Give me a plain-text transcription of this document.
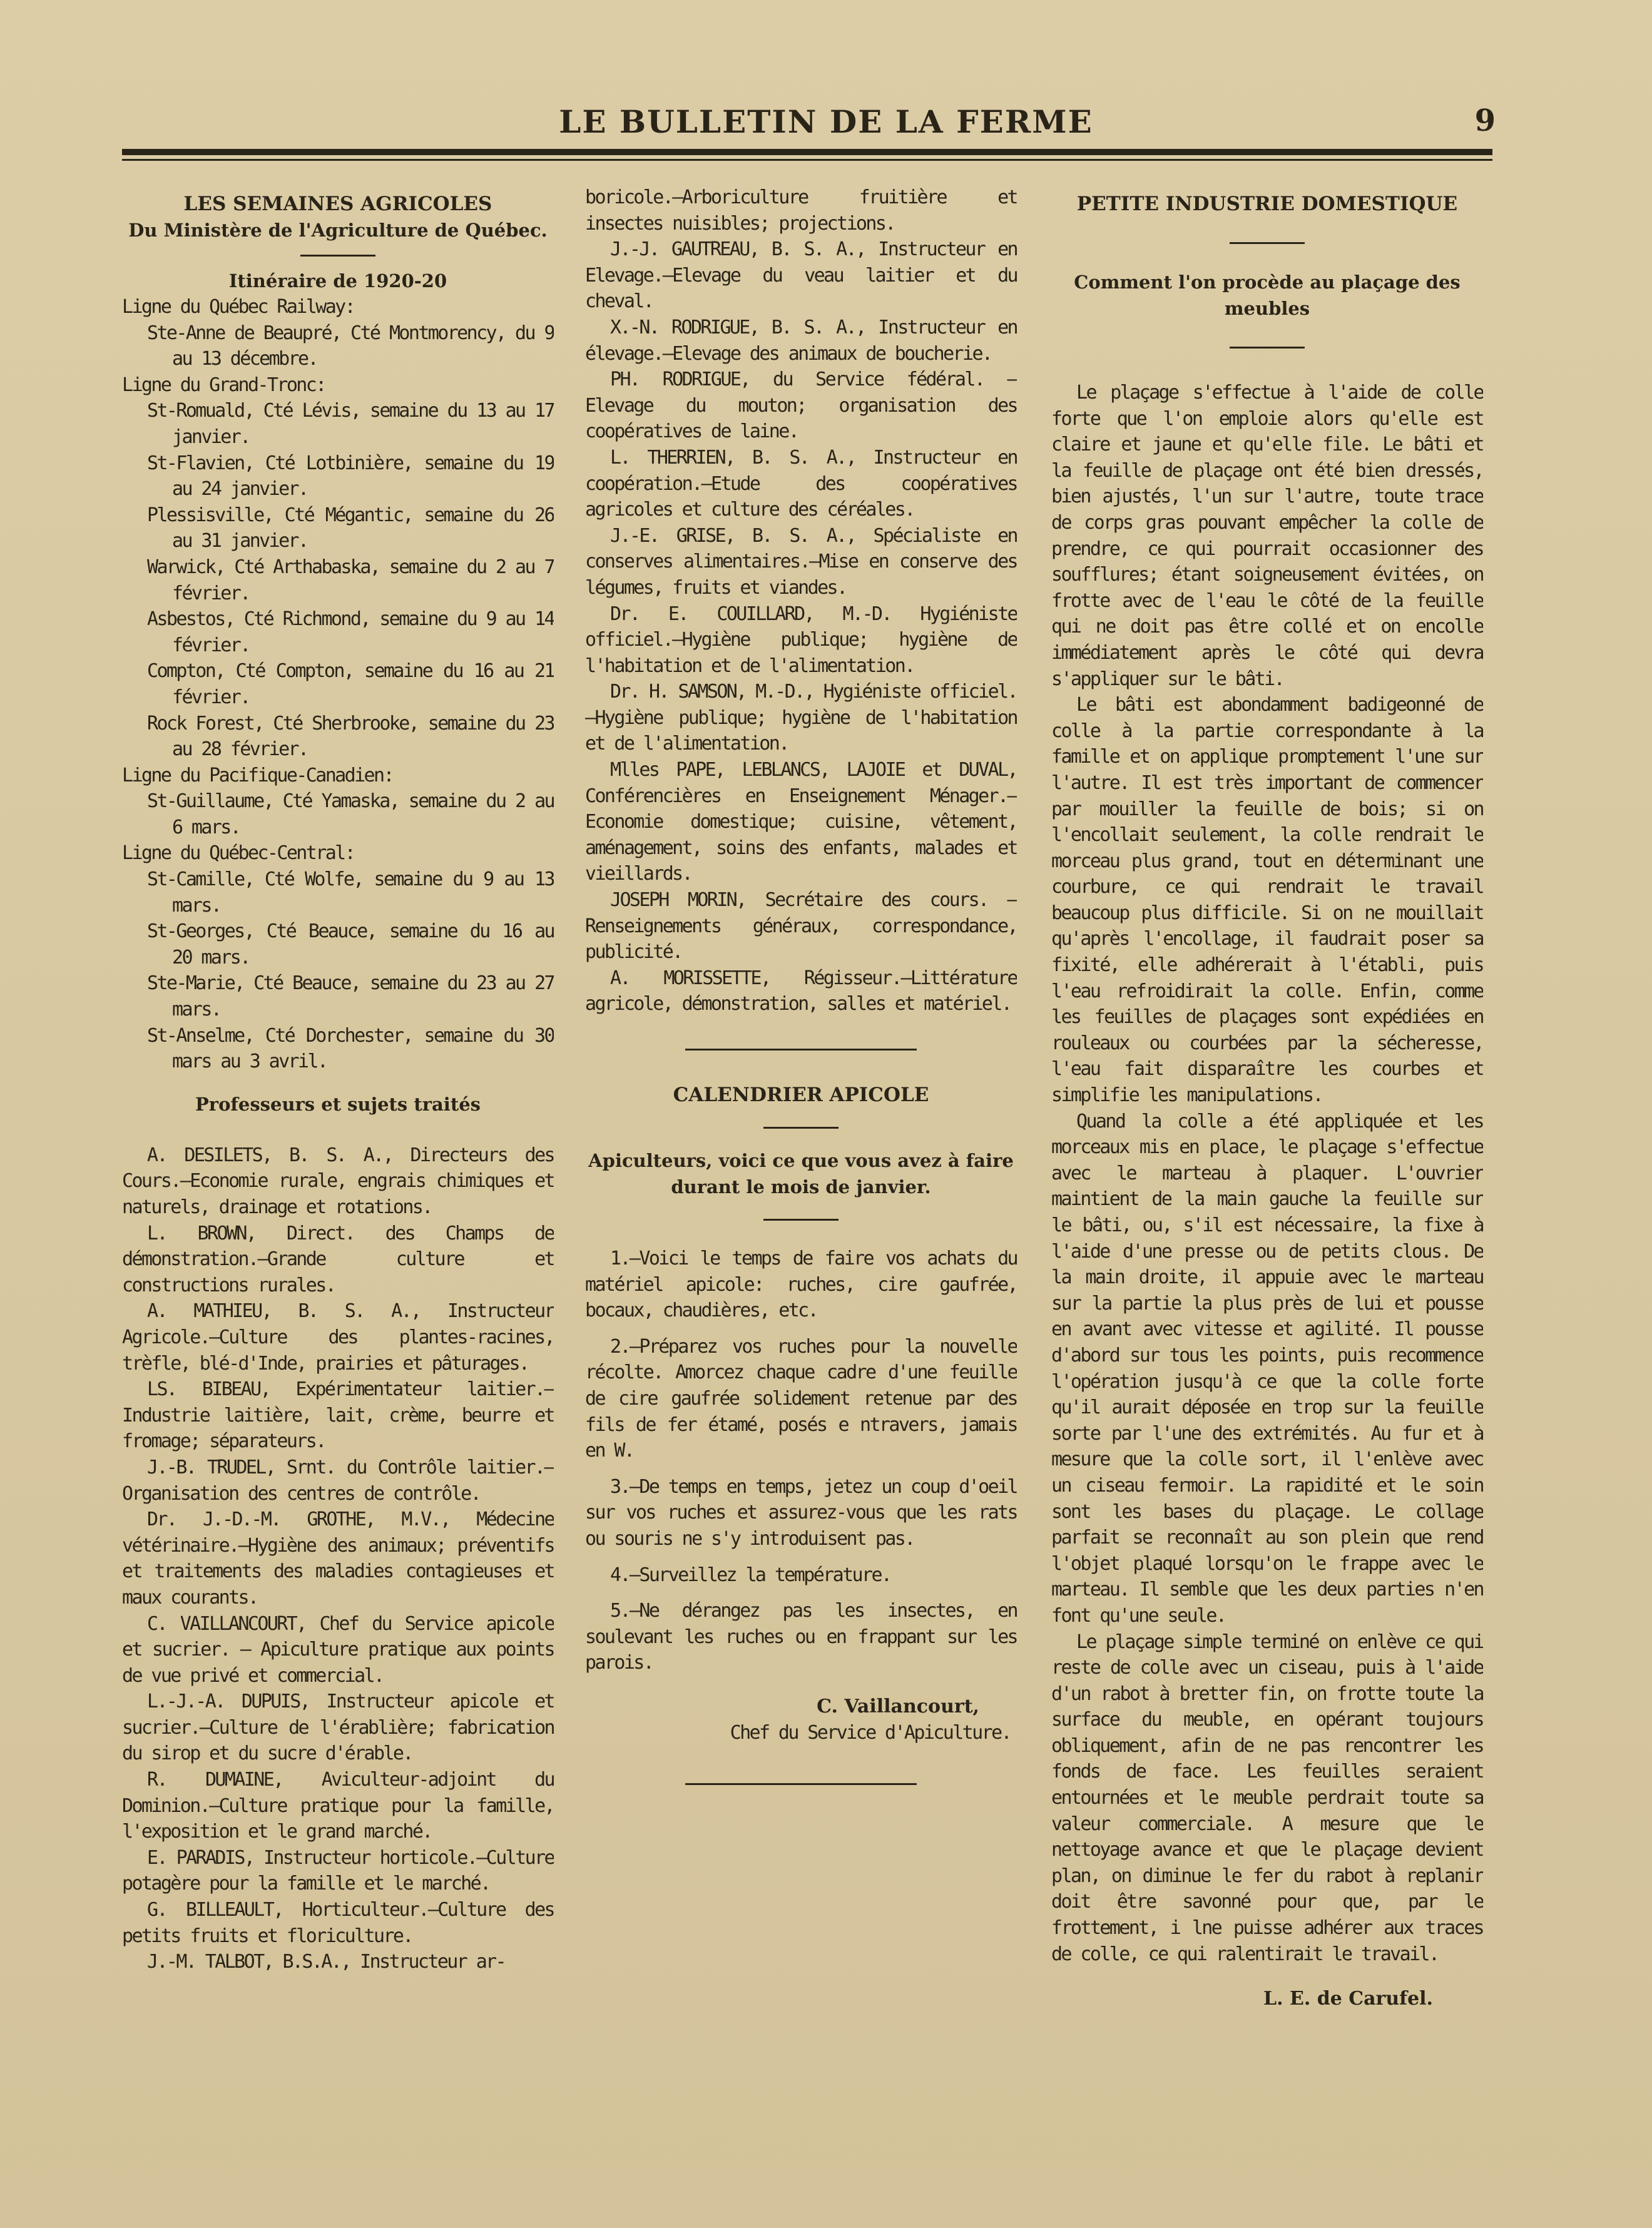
LE BULLETIN DE LA FERME	9

LES SEMAINES AGRICOLES

Du Ministère de l'Agriculture de Québec.

Itinéraire de 1920-20

Ligne du Québec Railway:

Ste-Anne de Beaupré, Cté Montmorency, du 9 au 13 décembre.

Ligne du Grand-Tronc:

St-Romuald, Cté Lévis, semaine du 13 au 17 janvier.

St-Flavien, Cté Lotbinière, semaine du 19 au 24 janvier.

Plessisville, Cté Mégantic, semaine du 26 au 31 janvier.

Warwick, Cté Arthabaska, semaine du 2 au 7 février.

Asbestos, Cté Richmond, semaine du 9 au 14 février.

Compton, Cté Compton, semaine du 16 au 21 février.

Rock Forest, Cté Sherbrooke, semaine du 23 au 28 février.

Ligne du Pacifique-Canadien:

St-Guillaume, Cté Yamaska, semaine du 2 au 6 mars.

Ligne du Québec-Central:

St-Camille, Cté Wolfe, semaine du 9 au 13 mars.

St-Georges, Cté Beauce, semaine du 16 au 20 mars.

Ste-Marie, Cté Beauce, semaine du 23 au 27 mars.

St-Anselme, Cté Dorchester, semaine du 30 mars au 3 avril.

Professeurs et sujets traités

A. DESILETS, B. S. A., Directeurs des Cours.—Economie rurale, engrais chimiques et naturels, drainage et rotations.

L. BROWN, Direct. des Champs de démonstration.—Grande culture et constructions rurales.

A. MATHIEU, B. S. A., Instructeur Agricole.—Culture des plantes-racines, trèfle, blé-d'Inde, prairies et pâturages.

LS. BIBEAU, Expérimentateur laitier.—Industrie laitière, lait, crème, beurre et fromage; séparateurs.

J.-B. TRUDEL, Srnt. du Contrôle laitier.—Organisation des centres de contrôle.

Dr. J.-D.-M. GROTHE, M.V., Médecine vétérinaire.—Hygiène des animaux; préventifs et traitements des maladies contagieuses et maux courants.

C. VAILLANCOURT, Chef du Service apicole et sucrier. — Apiculture pratique aux points de vue privé et commercial.

L.-J.-A. DUPUIS, Instructeur apicole et sucrier.—Culture de l'érablière; fabrication du sirop et du sucre d'érable.

R. DUMAINE, Aviculteur-adjoint du Dominion.—Culture pratique pour la famille, l'exposition et le grand marché.

E. PARADIS, Instructeur horticole.—Culture potagère pour la famille et le marché.

G. BILLEAULT, Horticulteur.—Culture des petits fruits et floriculture.

J.-M. TALBOT, B.S.A., Instructeur ar-

boricole.—Arboriculture fruitière et insectes nuisibles; projections.

J.-J. GAUTREAU, B. S. A., Instructeur en Elevage.—Elevage du veau laitier et du cheval.

X.-N. RODRIGUE, B. S. A., Instructeur en élevage.—Elevage des animaux de boucherie.

PH. RODRIGUE, du Service fédéral. — Elevage du mouton; organisation des coopératives de laine.

L. THERRIEN, B. S. A., Instructeur en coopération.—Etude des coopératives agricoles et culture des céréales.

J.-E. GRISE, B. S. A., Spécialiste en conserves alimentaires.—Mise en conserve des légumes, fruits et viandes.

Dr. E. COUILLARD, M.-D. Hygiéniste officiel.—Hygiène publique; hygiène de l'habitation et de l'alimentation.

Dr. H. SAMSON, M.-D., Hygiéniste officiel.—Hygiène publique; hygiène de l'habitation et de l'alimentation.

Mlles PAPE, LEBLANCS, LAJOIE et DUVAL, Conférencières en Enseignement Ménager.—Economie domestique; cuisine, vêtement, aménagement, soins des enfants, malades et vieillards.

JOSEPH MORIN, Secrétaire des cours. —Renseignements généraux, correspondance, publicité.

A. MORISSETTE, Régisseur.—Littérature agricole, démonstration, salles et matériel.

CALENDRIER APICOLE

Apiculteurs, voici ce que vous avez à faire durant le mois de janvier.

1.—Voici le temps de faire vos achats du matériel apicole: ruches, cire gaufrée, bocaux, chaudières, etc.

2.—Préparez vos ruches pour la nouvelle récolte. Amorcez chaque cadre d'une feuille de cire gaufrée solidement retenue par des fils de fer étamé, posés e ntravers, jamais en W.

3.—De temps en temps, jetez un coup d'oeil sur vos ruches et assurez-vous que les rats ou souris ne s'y introduisent pas.

4.—Surveillez la température.

5.—Ne dérangez pas les insectes, en soulevant les ruches ou en frappant sur les parois.

C. Vaillancourt,

Chef du Service d'Apiculture.

PETITE INDUSTRIE DOMESTIQUE

Comment l'on procède au plaçage des meubles

Le plaçage s'effectue à l'aide de colle forte que l'on emploie alors qu'elle est claire et jaune et qu'elle file. Le bâti et la feuille de plaçage ont été bien dressés, bien ajustés, l'un sur l'autre, toute trace de corps gras pouvant empêcher la colle de prendre, ce qui pourrait occasionner des soufflures; étant soigneusement évitées, on frotte avec de l'eau le côté de la feuille qui ne doit pas être collé et on encolle immédiatement après le côté qui devra s'appliquer sur le bâti.

Le bâti est abondamment badigeonné de colle à la partie correspondante à la famille et on applique promptement l'une sur l'autre. Il est très important de commencer par mouiller la feuille de bois; si on l'encollait seulement, la colle rendrait le morceau plus grand, tout en déterminant une courbure, ce qui rendrait le travail beaucoup plus difficile. Si on ne mouillait qu'après l'encollage, il faudrait poser sa fixité, elle adhérerait à l'établi, puis l'eau refroidirait la colle. Enfin, comme les feuilles de plaçages sont expédiées en rouleaux ou courbées par la sécheresse, l'eau fait disparaître les courbes et simplifie les manipulations.

Quand la colle a été appliquée et les morceaux mis en place, le plaçage s'effectue avec le marteau à plaquer. L'ouvrier maintient de la main gauche la feuille sur le bâti, ou, s'il est nécessaire, la fixe à l'aide d'une presse ou de petits clous. De la main droite, il appuie avec le marteau sur la partie la plus près de lui et pousse en avant avec vitesse et agilité. Il pousse d'abord sur tous les points, puis recommence l'opération jusqu'à ce que la colle forte qu'il aurait déposée en trop sur la feuille sorte par l'une des extrémités. Au fur et à mesure que la colle sort, il l'enlève avec un ciseau fermoir. La rapidité et le soin sont les bases du plaçage. Le collage parfait se reconnaît au son plein que rend l'objet plaqué lorsqu'on le frappe avec le marteau. Il semble que les deux parties n'en font qu'une seule.

Le plaçage simple terminé on enlève ce qui reste de colle avec un ciseau, puis à l'aide d'un rabot à bretter fin, on frotte toute la surface du meuble, en opérant toujours obliquement, afin de ne pas rencontrer les fonds de face. Les feuilles seraient entournées et le meuble perdrait toute sa valeur commerciale. A mesure que le nettoyage avance et que le plaçage devient plan, on diminue le fer du rabot à replanir doit être savonné pour que, par le frottement, i lne puisse adhérer aux traces de colle, ce qui ralentirait le travail.

L. E. de Carufel.
